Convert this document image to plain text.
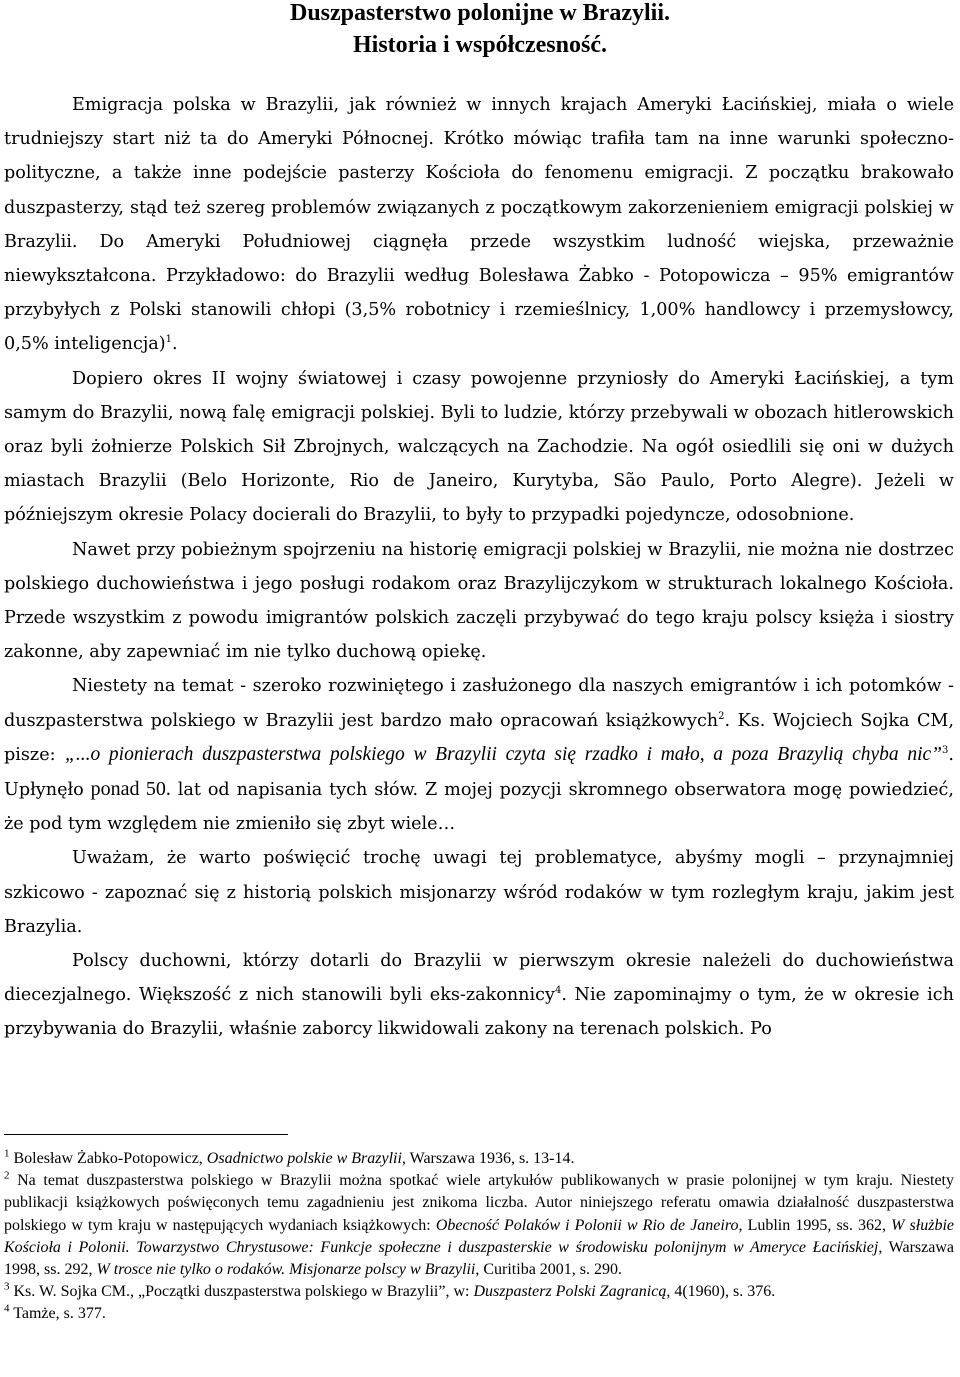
Duszpasterstwo polonijne w Brazylii.
Historia i współczesność.

Emigracja polska w Brazylii, jak również w innych krajach Ameryki Łacińskiej, miała o wiele trudniejszy start niż ta do Ameryki Północnej. Krótko mówiąc trafiła tam na inne warunki społeczno-polityczne, a także inne podejście pasterzy Kościoła do fenomenu emigracji. Z początku brakowało duszpasterzy, stąd też szereg problemów związanych z początkowym zakorzenieniem emigracji polskiej w Brazylii. Do Ameryki Południowej ciągnęła przede wszystkim ludność wiejska, przeważnie niewykształcona. Przykładowo: do Brazylii według Bolesława Żabko - Potopowicza – 95% emigrantów przybyłych z Polski stanowili chłopi (3,5% robotnicy i rzemieślnicy, 1,00% handlowcy i przemysłowcy, 0,5% inteligencja)$^1$.

Dopiero okres II wojny światowej i czasy powojenne przyniosły do Ameryki Łacińskiej, a tym samym do Brazylii, nową falę emigracji polskiej. Byli to ludzie, którzy przebywali w obozach hitlerowskich oraz byli żołnierze Polskich Sił Zbrojnych, walczących na Zachodzie. Na ogół osiedlili się oni w dużych miastach Brazylii (Belo Horizonte, Rio de Janeiro, Kurytyba, São Paulo, Porto Alegre). Jeżeli w późniejszym okresie Polacy docierali do Brazylii, to były to przypadki pojedyncze, odosobnione.

Nawet przy pobieżnym spojrzeniu na historię emigracji polskiej w Brazylii, nie można nie dostrzec polskiego duchowieństwa i jego posługi rodakom oraz Brazylijczykom w strukturach lokalnego Kościoła. Przede wszystkim z powodu imigrantów polskich zaczęli przybywać do tego kraju polscy księża i siostry zakonne, aby zapewniać im nie tylko duchową opiekę.

Niestety na temat - szeroko rozwiniętego i zasłużonego dla naszych emigrantów i ich potomków - duszpasterstwa polskiego w Brazylii jest bardzo mało opracowań książkowych$^2$. Ks. Wojciech Sojka CM, pisze: „...o pionierach duszpasterstwa polskiego w Brazylii czyta się rzadko i mało, a poza Brazylią chyba nic”$^3$. Upłynęło ponad 50. lat od napisania tych słów. Z mojej pozycji skromnego obserwatora mogę powiedzieć, że pod tym względem nie zmieniło się zbyt wiele…

Uważam, że warto poświęcić trochę uwagi tej problematyce, abyśmy mogli – przynajmniej szkicowo - zapoznać się z historią polskich misjonarzy wśród rodaków w tym rozległym kraju, jakim jest Brazylia.

Polscy duchowni, którzy dotarli do Brazylii w pierwszym okresie należeli do duchowieństwa diecezjalnego. Większość z nich stanowili byli eks-zakonnicy$^4$. Nie zapominajmy o tym, że w okresie ich przybywania do Brazylii, właśnie zaborcy likwidowali zakony na terenach polskich. Po

$^1$ Bolesław Żabko-Potopowicz, Osadnictwo polskie w Brazylii, Warszawa 1936, s. 13-14.

$^2$ Na temat duszpasterstwa polskiego w Brazylii można spotkać wiele artykułów publikowanych w prasie polonijnej w tym kraju. Niestety publikacji książkowych poświęconych temu zagadnieniu jest znikoma liczba. Autor niniejszego referatu omawia działalność duszpasterstwa polskiego w tym kraju w następujących wydaniach książkowych: Obecność Polaków i Polonii w Rio de Janeiro, Lublin 1995, ss. 362, W służbie Kościoła i Polonii. Towarzystwo Chrystusowe: Funkcje społeczne i duszpasterskie w środowisku polonijnym w Ameryce Łacińskiej, Warszawa 1998, ss. 292, W trosce nie tylko o rodaków. Misjonarze polscy w Brazylii, Curitiba 2001, s. 290.

$^3$ Ks. W. Sojka CM., „Początki duszpasterstwa polskiego w Brazylii”, w: Duszpasterz Polski Zagranicą, 4(1960), s. 376.

$^4$ Tamże, s. 377.
